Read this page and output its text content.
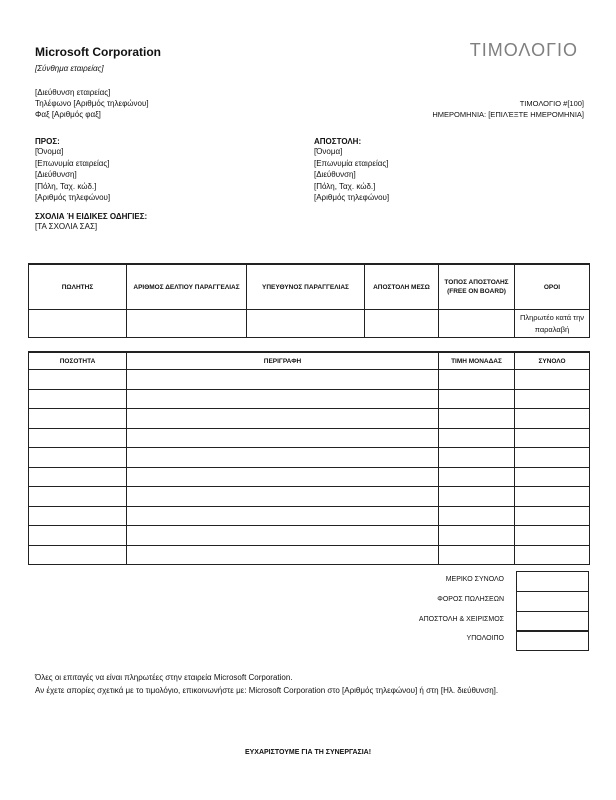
Microsoft Corporation
[Σύνθημα εταιρείας]
ΤΙΜΟΛΟΓΙΟ
[Διεύθυνση εταιρείας]
Τηλέφωνο [Αριθμός τηλεφώνου]
Φαξ [Αριθμός φαξ]
ΤΙΜΟΛΟΓΙΟ #[100]
ΗΜΕΡΟΜΗΝΙΑ: [ΕΠΙΛΈΞΤΕ ΗΜΕΡΟΜΗΝΙΑ]
ΠΡΟΣ:
[Όνομα]
[Επωνυμία εταιρείας]
[Διεύθυνση]
[Πόλη, Ταχ. κώδ.]
[Αριθμός τηλεφώνου]
ΑΠΟΣΤΟΛΗ:
[Όνομα]
[Επωνυμία εταιρείας]
[Διεύθυνση]
[Πόλη, Ταχ. κώδ.]
[Αριθμός τηλεφώνου]
ΣΧΟΛΙΑ Ή ΕΙΔΙΚΕΣ ΟΔΗΓΙΕΣ:
[ΤΑ ΣΧΟΛΙΑ ΣΑΣ]
ΠΩΛΗΤΗΣ	ΑΡΙΘΜΟΣ ΔΕΛΤΙΟΥ ΠΑΡΑΓΓΕΛΙΑΣ	ΥΠΕΥΘΥΝΟΣ ΠΑΡΑΓΓΕΛΙΑΣ	ΑΠΟΣΤΟΛΗ ΜΕΣΩ	ΤΟΠΟΣ ΑΠΟΣΤΟΛΗΣ (FREE ON BOARD)	ΟΡΟΙ
					Πληρωτέο κατά την παραλαβή
ΠΟΣΟΤΗΤΑ	ΠΕΡΙΓΡΑΦΗ	ΤΙΜΗ ΜΟΝΑΔΑΣ	ΣΥΝΟΛΟ

ΜΕΡΙΚΟ ΣΥΝΟΛΟ
ΦΟΡΟΣ ΠΩΛΗΣΕΩΝ
ΑΠΟΣΤΟΛΗ & ΧΕΙΡΙΣΜΟΣ
ΥΠΟΛΟΙΠΟ
Όλες οι επιταγές να είναι πληρωτέες στην εταιρεία Microsoft Corporation.
Αν έχετε απορίες σχετικά με το τιμολόγιο, επικοινωνήστε με: Microsoft Corporation στο [Αριθμός τηλεφώνου] ή στη [Ηλ. διεύθυνση].
ΕΥΧΑΡΙΣΤΟΥΜΕ ΓΙΑ ΤΗ ΣΥΝΕΡΓΑΣΙΑ!
